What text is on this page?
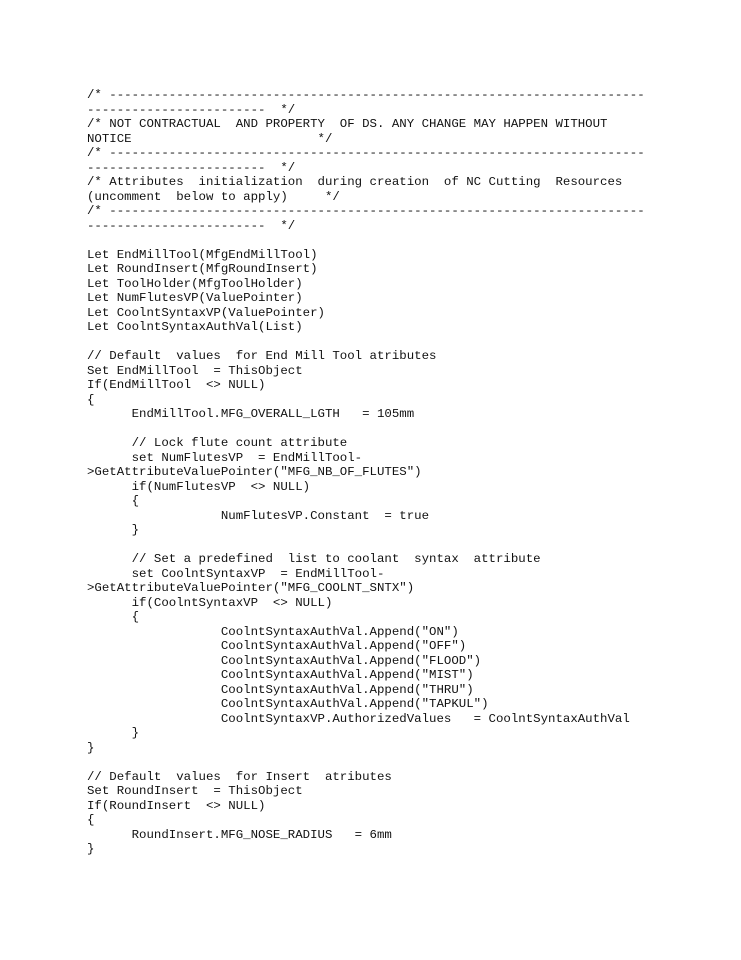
/* ------------------------------------------------------------------------
------------------------  */
/* NOT CONTRACTUAL  AND PROPERTY  OF DS. ANY CHANGE MAY HAPPEN WITHOUT
NOTICE                         */
/* ------------------------------------------------------------------------
------------------------  */
/* Attributes  initialization  during creation  of NC Cutting  Resources
(uncomment  below to apply)     */
/* ------------------------------------------------------------------------
------------------------  */
Let EndMillTool(MfgEndMillTool)
Let RoundInsert(MfgRoundInsert)
Let ToolHolder(MfgToolHolder)
Let NumFlutesVP(ValuePointer)
Let CoolntSyntaxVP(ValuePointer)
Let CoolntSyntaxAuthVal(List)
// Default  values  for End Mill Tool atributes
Set EndMillTool  = ThisObject
If(EndMillTool  <> NULL)
{
EndMillTool.MFG_OVERALL_LGTH   = 105mm
// Lock flute count attribute
set NumFlutesVP  = EndMillTool-
>GetAttributeValuePointer("MFG_NB_OF_FLUTES")
if(NumFlutesVP  <> NULL)
{
NumFlutesVP.Constant  = true
}
// Set a predefined  list to coolant  syntax  attribute
set CoolntSyntaxVP  = EndMillTool-
>GetAttributeValuePointer("MFG_COOLNT_SNTX")
if(CoolntSyntaxVP  <> NULL)
{
CoolntSyntaxAuthVal.Append("ON")
CoolntSyntaxAuthVal.Append("OFF")
CoolntSyntaxAuthVal.Append("FLOOD")
CoolntSyntaxAuthVal.Append("MIST")
CoolntSyntaxAuthVal.Append("THRU")
CoolntSyntaxAuthVal.Append("TAPKUL")
CoolntSyntaxVP.AuthorizedValues   = CoolntSyntaxAuthVal
}
}
// Default  values  for Insert  atributes
Set RoundInsert  = ThisObject
If(RoundInsert  <> NULL)
{
RoundInsert.MFG_NOSE_RADIUS   = 6mm
}
